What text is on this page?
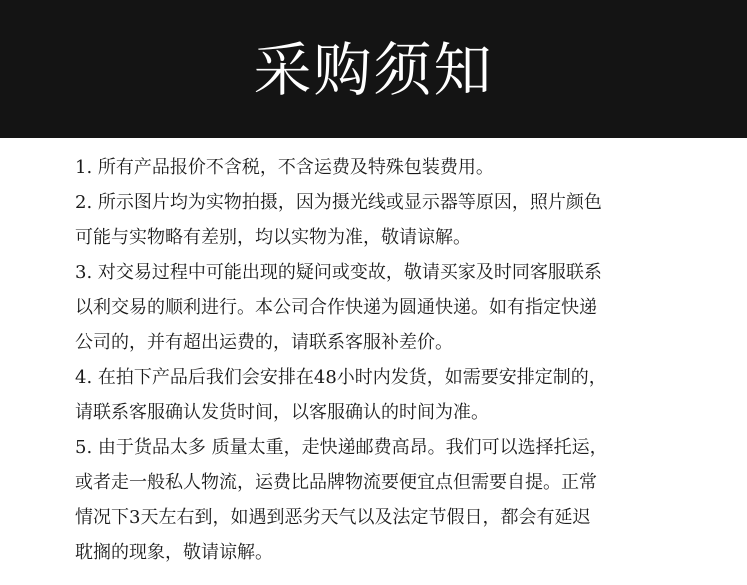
采购须知
1. 所有产品报价不含税，不含运费及特殊包装费用。
2. 所示图片均为实物拍摄，因为摄光线或显示器等原因，照片颜色
可能与实物略有差别，均以实物为准，敬请谅解。
3. 对交易过程中可能出现的疑问或变故，敬请买家及时同客服联系
以利交易的顺利进行。本公司合作快递为圆通快递。如有指定快递
公司的，并有超出运费的，请联系客服补差价。
4. 在拍下产品后我们会安排在48小时内发货，如需要安排定制的，
请联系客服确认发货时间，以客服确认的时间为准。
5. 由于货品太多 质量太重，走快递邮费高昂。我们可以选择托运，
或者走一般私人物流，运费比品牌物流要便宜点但需要自提。正常
情况下3天左右到，如遇到恶劣天气以及法定节假日，都会有延迟
耽搁的现象，敬请谅解。
